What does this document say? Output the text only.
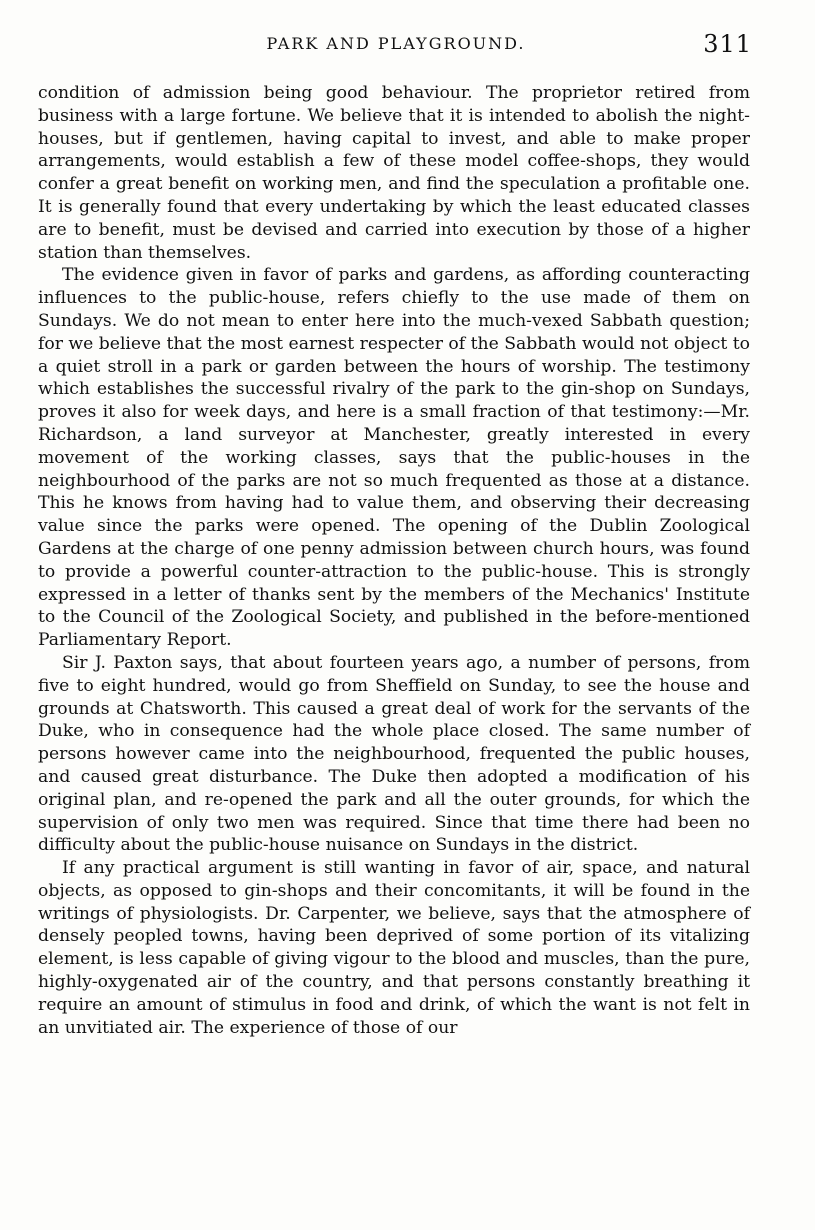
PARK AND PLAYGROUND.	311

condition of admission being good behaviour. The proprietor retired from business with a large fortune. We believe that it is intended to abolish the night-houses, but if gentlemen, having capital to invest, and able to make proper arrangements, would establish a few of these model coffee-shops, they would confer a great benefit on working men, and find the speculation a profitable one. It is generally found that every undertaking by which the least educated classes are to benefit, must be devised and carried into execution by those of a higher station than themselves.

The evidence given in favor of parks and gardens, as affording counteracting influences to the public-house, refers chiefly to the use made of them on Sundays. We do not mean to enter here into the much-vexed Sabbath question; for we believe that the most earnest respecter of the Sabbath would not object to a quiet stroll in a park or garden between the hours of worship. The testimony which establishes the successful rivalry of the park to the gin-shop on Sundays, proves it also for week days, and here is a small fraction of that testimony:—Mr. Richardson, a land surveyor at Manchester, greatly interested in every movement of the working classes, says that the public-houses in the neighbourhood of the parks are not so much frequented as those at a distance. This he knows from having had to value them, and observing their decreasing value since the parks were opened. The opening of the Dublin Zoological Gardens at the charge of one penny admission between church hours, was found to provide a powerful counter-attraction to the public-house. This is strongly expressed in a letter of thanks sent by the members of the Mechanics' Institute to the Council of the Zoological Society, and published in the before-mentioned Parliamentary Report.

Sir J. Paxton says, that about fourteen years ago, a number of persons, from five to eight hundred, would go from Sheffield on Sunday, to see the house and grounds at Chatsworth. This caused a great deal of work for the servants of the Duke, who in consequence had the whole place closed. The same number of persons however came into the neighbourhood, frequented the public houses, and caused great disturbance. The Duke then adopted a modification of his original plan, and re-opened the park and all the outer grounds, for which the supervision of only two men was required. Since that time there had been no difficulty about the public-house nuisance on Sundays in the district.

If any practical argument is still wanting in favor of air, space, and natural objects, as opposed to gin-shops and their concomitants, it will be found in the writings of physiologists. Dr. Carpenter, we believe, says that the atmosphere of densely peopled towns, having been deprived of some portion of its vitalizing element, is less capable of giving vigour to the blood and muscles, than the pure, highly-oxygenated air of the country, and that persons constantly breathing it require an amount of stimulus in food and drink, of which the want is not felt in an unvitiated air. The experience of those of our
